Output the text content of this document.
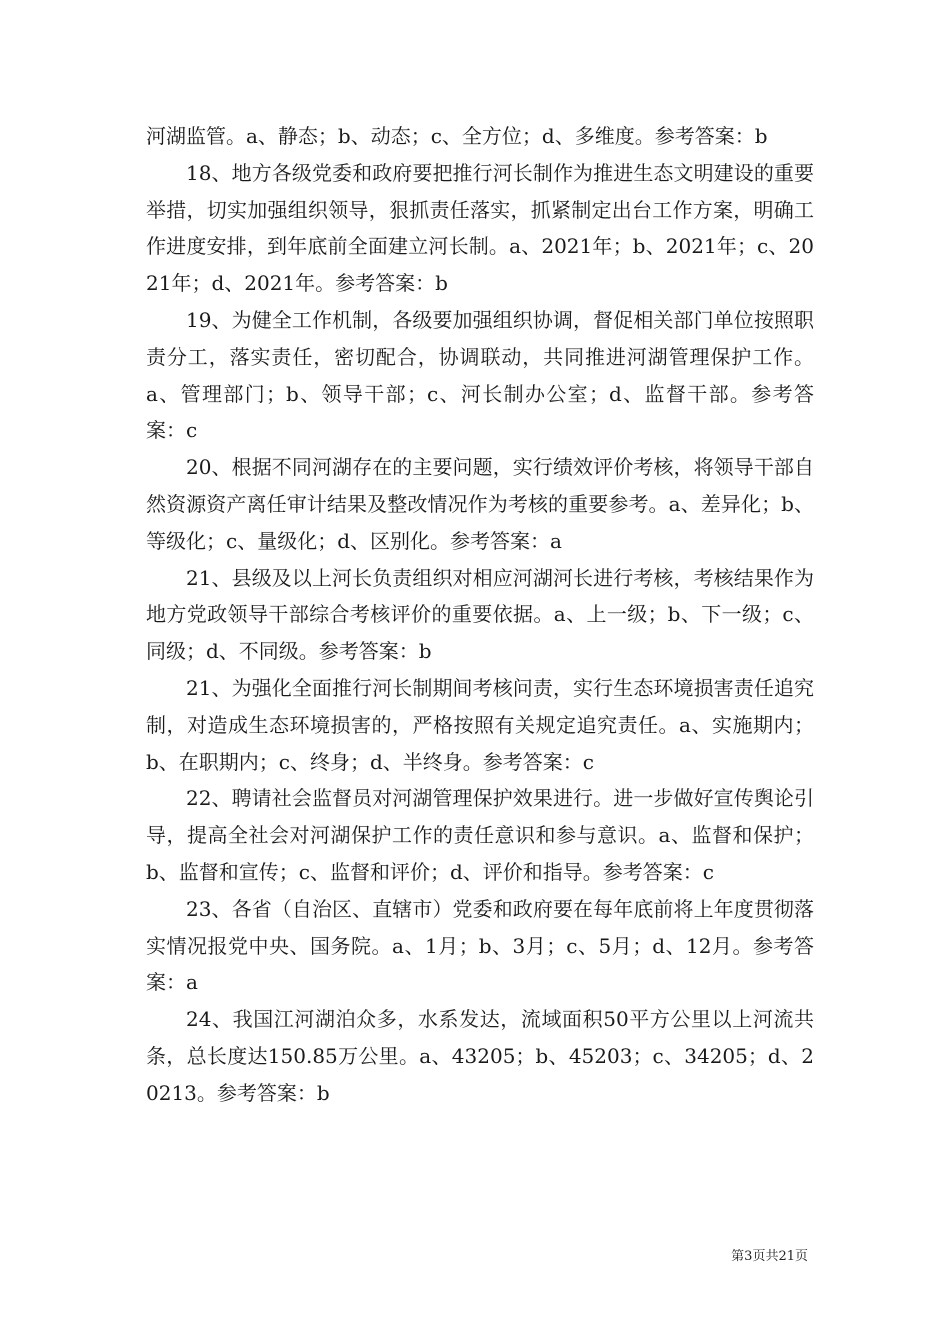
河湖监管。a、静态；b、动态；c、全方位；d、多维度。参考答案：b

18、地方各级党委和政府要把推行河长制作为推进生态文明建设的重要举措，切实加强组织领导，狠抓责任落实，抓紧制定出台工作方案，明确工作进度安排，到年底前全面建立河长制。a、2021年；b、2021年；c、2021年；d、2021年。参考答案：b

19、为健全工作机制，各级要加强组织协调，督促相关部门单位按照职责分工，落实责任，密切配合，协调联动，共同推进河湖管理保护工作。a、管理部门；b、领导干部；c、河长制办公室；d、监督干部。参考答案：c

20、根据不同河湖存在的主要问题，实行绩效评价考核，将领导干部自然资源资产离任审计结果及整改情况作为考核的重要参考。a、差异化；b、等级化；c、量级化；d、区别化。参考答案：a

21、县级及以上河长负责组织对相应河湖河长进行考核，考核结果作为地方党政领导干部综合考核评价的重要依据。a、上一级；b、下一级；c、同级；d、不同级。参考答案：b

21、为强化全面推行河长制期间考核问责，实行生态环境损害责任追究制，对造成生态环境损害的，严格按照有关规定追究责任。a、实施期内；b、在职期内；c、终身；d、半终身。参考答案：c

22、聘请社会监督员对河湖管理保护效果进行。进一步做好宣传舆论引导，提高全社会对河湖保护工作的责任意识和参与意识。a、监督和保护；b、监督和宣传；c、监督和评价；d、评价和指导。参考答案：c

23、各省（自治区、直辖市）党委和政府要在每年底前将上年度贯彻落实情况报党中央、国务院。a、1月；b、3月；c、5月；d、12月。参考答案：a

24、我国江河湖泊众多，水系发达，流域面积50平方公里以上河流共条，总长度达150.85万公里。a、43205；b、45203；c、34205；d、20213。参考答案：b

第3页共21页
